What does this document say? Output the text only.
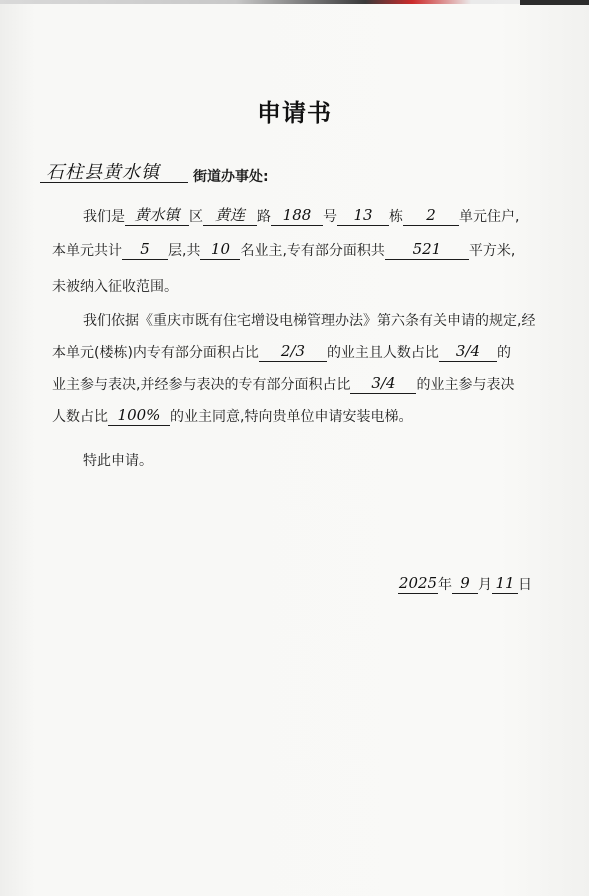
申请书
石柱县黄水镇 街道办事处:
我们是 黄水镇 区 黄连 路 188 号 13 栋 2 单元住户,
本单元共计 5 层,共 10 名业主,专有部分面积共 521 平方米,
未被纳入征收范围。
我们依据《重庆市既有住宅增设电梯管理办法》第六条有关申请的规定,经
本单元(楼栋)内专有部分面积占比 2/3 的业主且人数占比 3/4 的
业主参与表决,并经参与表决的专有部分面积占比 3/4 的业主参与表决
人数占比 100% 的业主同意,特向贵单位申请安装电梯。
特此申请。
2025年 9 月 11 日
